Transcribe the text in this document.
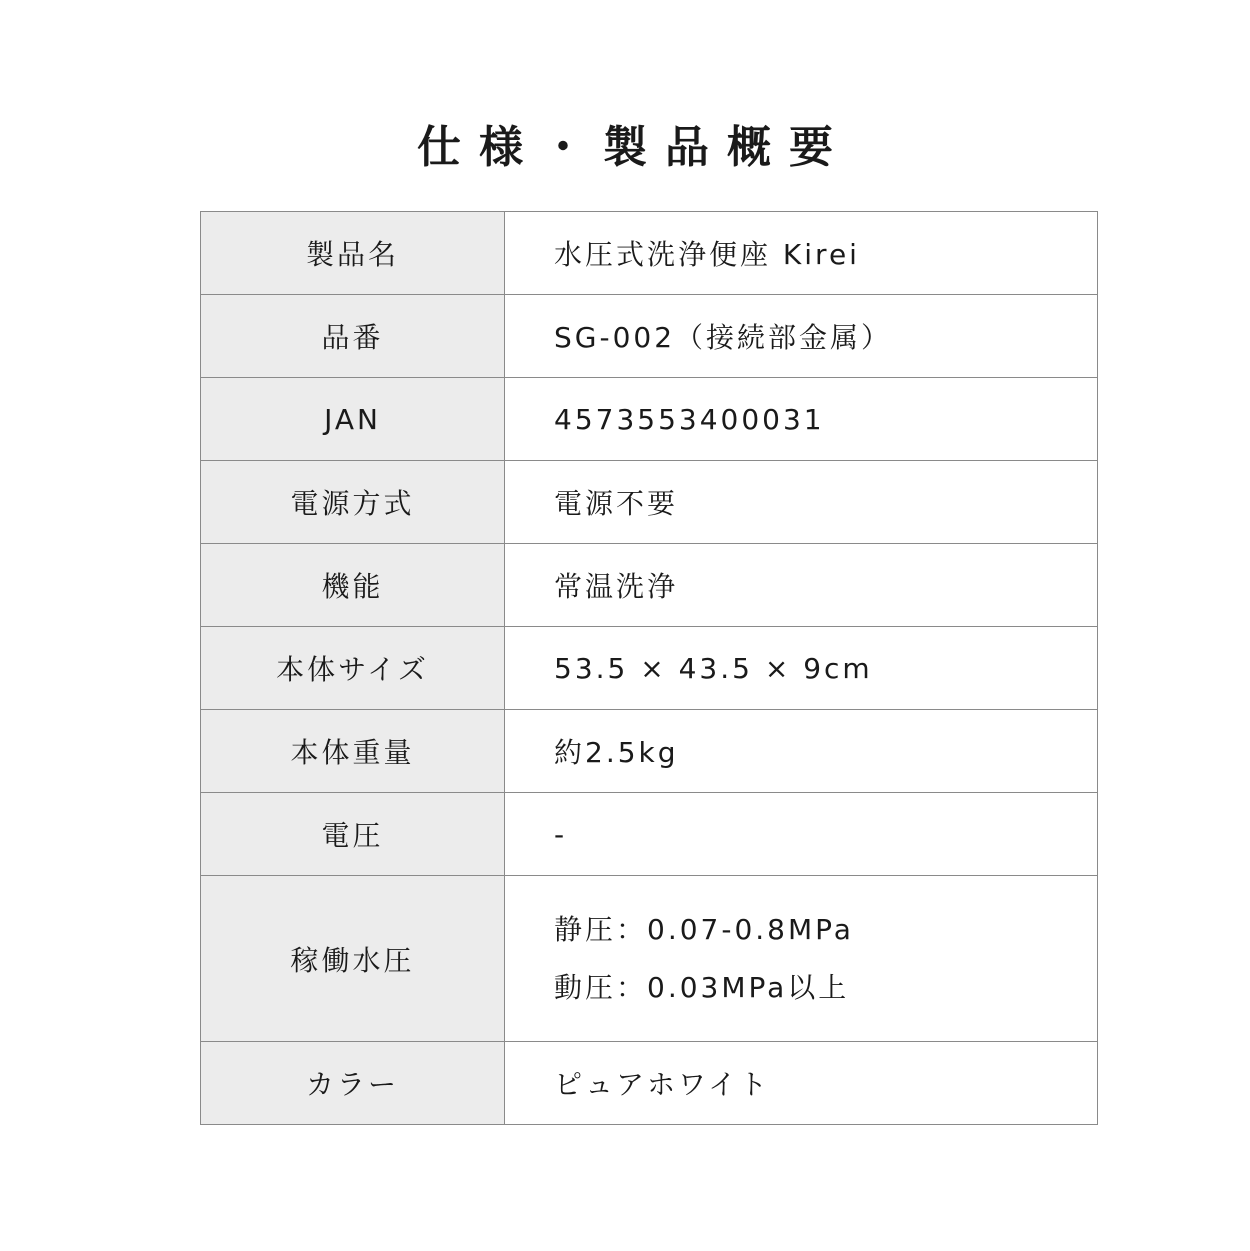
仕様・製品概要
製品名	水圧式洗浄便座 Kirei
品番	SG-002（接続部金属）
JAN	4573553400031
電源方式	電源不要
機能	常温洗浄
本体サイズ	53.5 × 43.5 × 9cm
本体重量	約2.5kg
電圧	-
稼働水圧	静圧：0.07-0.8MPa
動圧：0.03MPa以上

カラー	ピュアホワイト
